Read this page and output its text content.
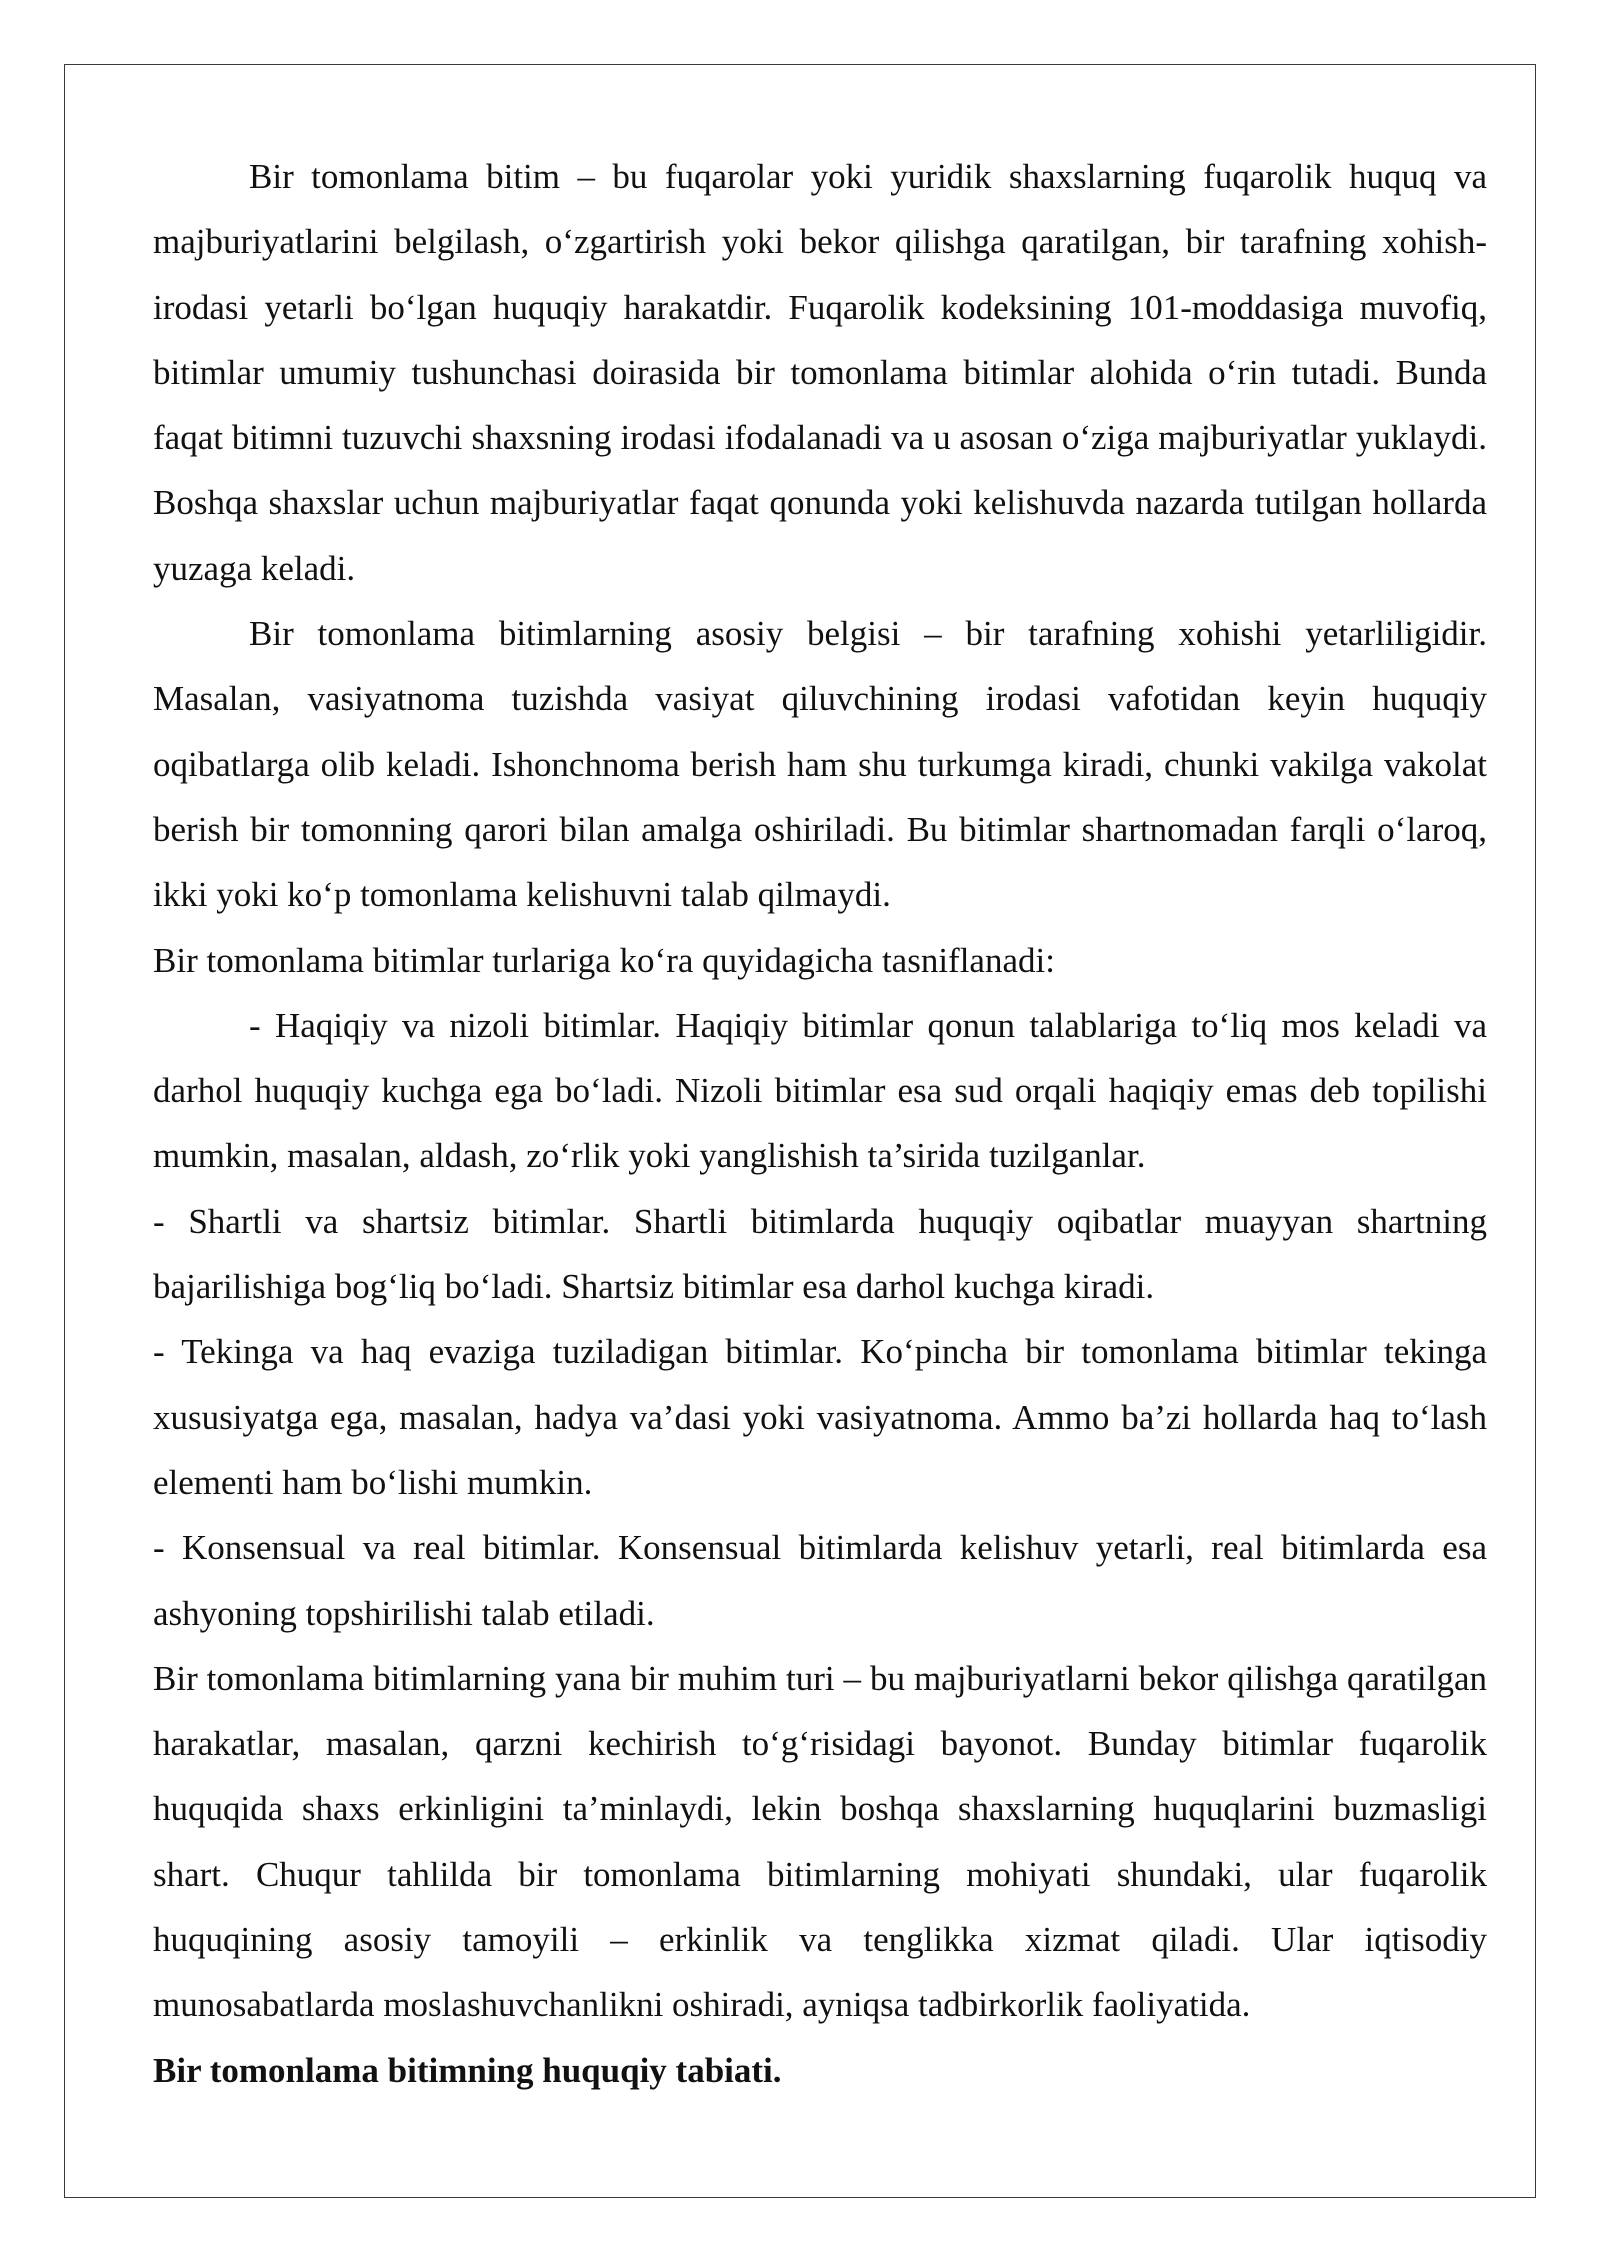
Bir tomonlama bitim – bu fuqarolar yoki yuridik shaxslarning fuqarolik huquq va majburiyatlarini belgilash, oʻzgartirish yoki bekor qilishga qaratilgan, bir tarafning xohish-irodasi yetarli boʻlgan huquqiy harakatdir. Fuqarolik kodeksining 101-moddasiga muvofiq, bitimlar umumiy tushunchasi doirasida bir tomonlama bitimlar alohida oʻrin tutadi. Bunda faqat bitimni tuzuvchi shaxsning irodasi ifodalanadi va u asosan oʻziga majburiyatlar yuklaydi. Boshqa shaxslar uchun majburiyatlar faqat qonunda yoki kelishuvda nazarda tutilgan hollarda yuzaga keladi.

Bir tomonlama bitimlarning asosiy belgisi – bir tarafning xohishi yetarliligidir. Masalan, vasiyatnoma tuzishda vasiyat qiluvchining irodasi vafotidan keyin huquqiy oqibatlarga olib keladi. Ishonchnoma berish ham shu turkumga kiradi, chunki vakilga vakolat berish bir tomonning qarori bilan amalga oshiriladi. Bu bitimlar shartnomadan farqli oʻlaroq, ikki yoki koʻp tomonlama kelishuvni talab qilmaydi.

Bir tomonlama bitimlar turlariga koʻra quyidagicha tasniflanadi:

- Haqiqiy va nizoli bitimlar. Haqiqiy bitimlar qonun talablariga toʻliq mos keladi va darhol huquqiy kuchga ega boʻladi. Nizoli bitimlar esa sud orqali haqiqiy emas deb topilishi mumkin, masalan, aldash, zoʻrlik yoki yanglishish ta’sirida tuzilganlar.

- Shartli va shartsiz bitimlar. Shartli bitimlarda huquqiy oqibatlar muayyan shartning bajarilishiga bogʻliq boʻladi. Shartsiz bitimlar esa darhol kuchga kiradi.

- Tekinga va haq evaziga tuziladigan bitimlar. Koʻpincha bir tomonlama bitimlar tekinga xususiyatga ega, masalan, hadya va’dasi yoki vasiyatnoma. Ammo ba’zi hollarda haq toʻlash elementi ham boʻlishi mumkin.

- Konsensual va real bitimlar. Konsensual bitimlarda kelishuv yetarli, real bitimlarda esa ashyoning topshirilishi talab etiladi.

Bir tomonlama bitimlarning yana bir muhim turi – bu majburiyatlarni bekor qilishga qaratilgan harakatlar, masalan, qarzni kechirish toʻgʻrisidagi bayonot. Bunday bitimlar fuqarolik huquqida shaxs erkinligini ta’minlaydi, lekin boshqa shaxslarning huquqlarini buzmasligi shart. Chuqur tahlilda bir tomonlama bitimlarning mohiyati shundaki, ular fuqarolik huquqining asosiy tamoyili – erkinlik va tenglikka xizmat qiladi. Ular iqtisodiy munosabatlarda moslashuvchanlikni oshiradi, ayniqsa tadbirkorlik faoliyatida.

Bir tomonlama bitimning huquqiy tabiati.
